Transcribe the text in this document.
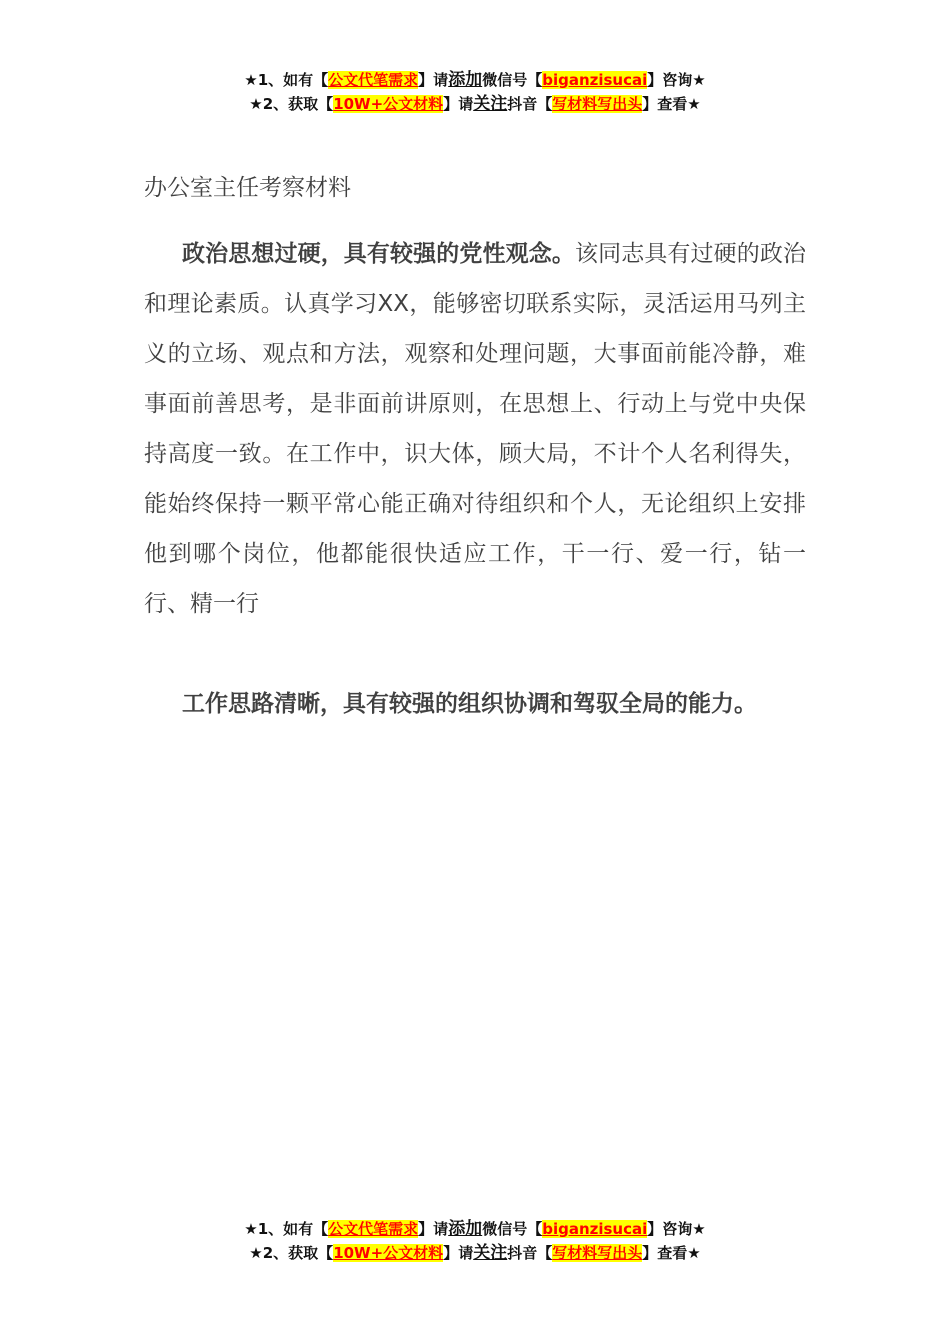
★1、如有【公文代笔需求】请添加微信号【biganzisucai】咨询★
★2、获取【10W+公文材料】请关注抖音【写材料写出头】查看★
办公室主任考察材料

政治思想过硬，具有较强的党性观念。该同志具有过硬的政治和理论素质。认真学习XX，能够密切联系实际，灵活运用马列主义的立场、观点和方法，观察和处理问题，大事面前能冷静，难事面前善思考，是非面前讲原则，在思想上、行动上与党中央保持高度一致。在工作中，识大体，顾大局，不计个人名利得失，能始终保持一颗平常心能正确对待组织和个人，无论组织上安排他到哪个岗位，他都能很快适应工作，干一行、爱一行，钻一行、精一行

工作思路清晰，具有较强的组织协调和驾驭全局的能力。

★1、如有【公文代笔需求】请添加微信号【biganzisucai】咨询★
★2、获取【10W+公文材料】请关注抖音【写材料写出头】查看★
